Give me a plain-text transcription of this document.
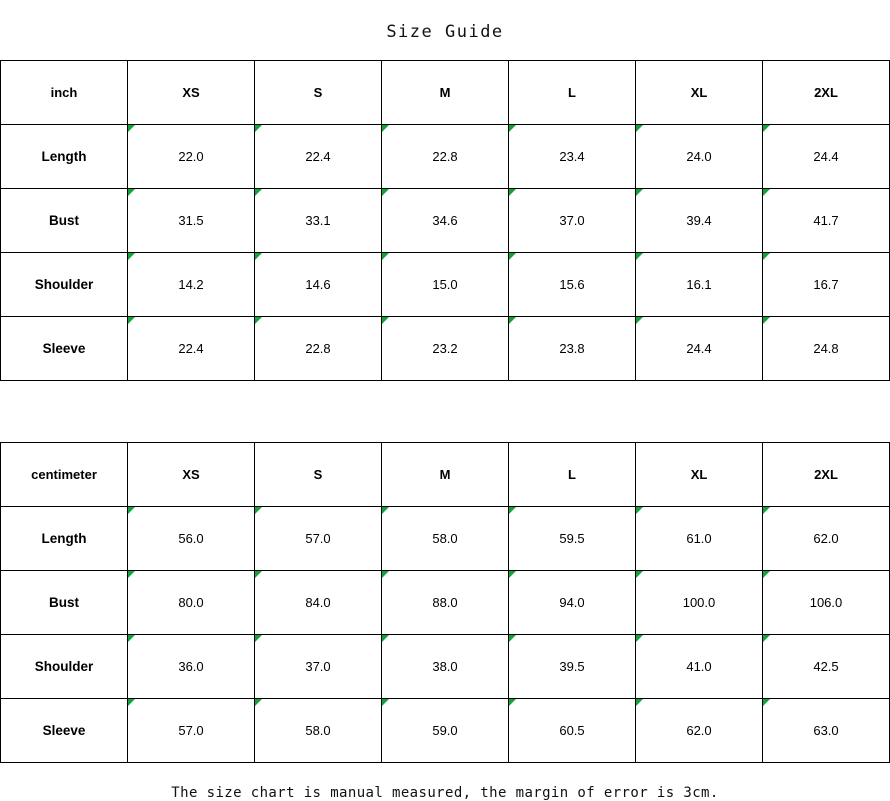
Size Guide
inch	XS	S	M	L	XL	2XL
Length	22.0	22.4	22.8	23.4	24.0	24.4
Bust	31.5	33.1	34.6	37.0	39.4	41.7
Shoulder	14.2	14.6	15.0	15.6	16.1	16.7
Sleeve	22.4	22.8	23.2	23.8	24.4	24.8
centimeter	XS	S	M	L	XL	2XL
Length	56.0	57.0	58.0	59.5	61.0	62.0
Bust	80.0	84.0	88.0	94.0	100.0	106.0
Shoulder	36.0	37.0	38.0	39.5	41.0	42.5
Sleeve	57.0	58.0	59.0	60.5	62.0	63.0
The size chart is manual measured, the margin of error is 3cm.
